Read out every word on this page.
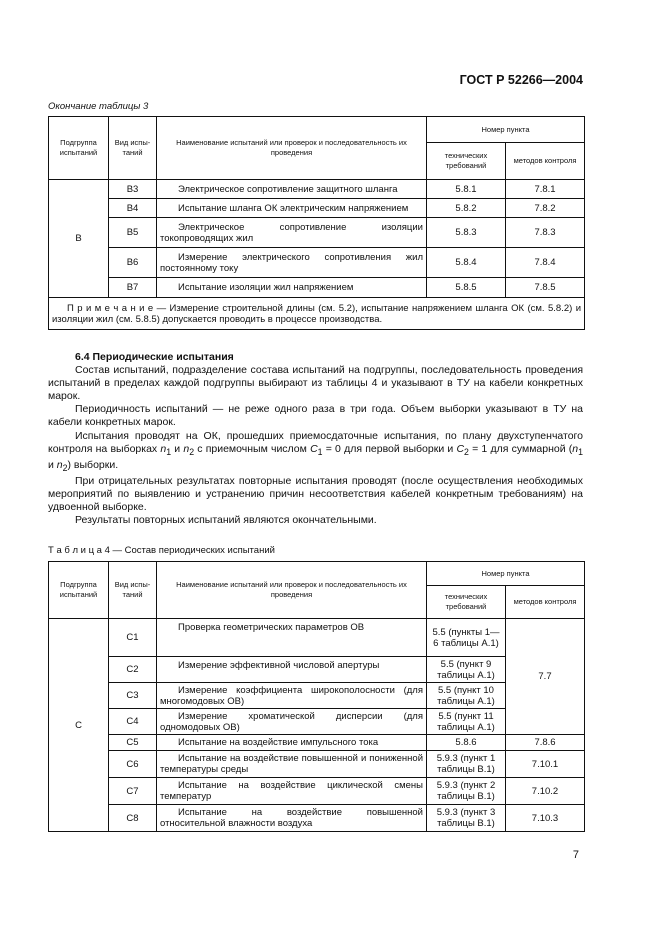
ГОСТ Р 52266—2004
Окончание таблицы 3
Подгруппа испытаний	Вид испы- таний	Наименование испытаний или проверок и последовательность их проведения	Номер пункта	
			технических требований	методов контроля
В	В3	Электрическое сопротивление защитного шланга	5.8.1	7.8.1
	В4	Испытание шланга ОК электрическим напряжением	5.8.2	7.8.2
	В5	Электрическое сопротивление изоляции токопроводящих жил	5.8.3	7.8.3
	В6	Измерение электрического сопротивления жил постоянному току	5.8.4	7.8.4
	В7	Испытание изоляции жил напряжением	5.8.5	7.8.5
П р и м е ч а н и е — Измерение строительной длины (см. 5.2), испытание напряжением шланга ОК (см. 5.8.2) и изоляции жил (см. 5.8.5) допускается проводить в процессе производства.				

6.4 Периодические испытания

Состав испытаний, подразделение состава испытаний на подгруппы, последовательность проведения испытаний в пределах каждой подгруппы выбирают из таблицы 4 и указывают в ТУ на кабели конкретных марок.

Периодичность испытаний — не реже одного раза в три года. Объем выборки указывают в ТУ на кабели конкретных марок.

Испытания проводят на ОК, прошедших приемосдаточные испытания, по плану двухступенчатого контроля на выборках $n_1$ и $n_2$ с приемочным числом $C_1 = 0$ для первой выборки и $C_2 = 1$ для суммарной ($n_1$ и $n_2$) выборки.

При отрицательных результатах повторные испытания проводят (после осуществления необходимых мероприятий по выявлению и устранению причин несоответствия кабелей конкретным требованиям) на удвоенной выборке.

Результаты повторных испытаний являются окончательными.

Т а б л и ц а 4 — Состав периодических испытаний
Подгруппа испытаний	Вид испы- таний	Наименование испытаний или проверок и последовательность их проведения	Номер пункта	
			технических требований	методов контроля
С	С1	Проверка геометрических параметров ОВ	5.5 (пункты 1—6 таблицы А.1)	7.7
	С2	Измерение эффективной числовой апертуры	5.5 (пункт 9 таблицы А.1)	
	С3	Измерение коэффициента широкополосности (для многомодовых ОВ)	5.5 (пункт 10 таблицы А.1)	
	С4	Измерение хроматической дисперсии (для одномодовых ОВ)	5.5 (пункт 11 таблицы А.1)	
	С5	Испытание на воздействие импульсного тока	5.8.6	7.8.6
	С6	Испытание на воздействие повышенной и пониженной температуры среды	5.9.3 (пункт 1 таблицы В.1)	7.10.1
	С7	Испытание на воздействие циклической смены температур	5.9.3 (пункт 2 таблицы В.1)	7.10.2
	С8	Испытание на воздействие повышенной относительной влажности воздуха	5.9.3 (пункт 3 таблицы В.1)	7.10.3
7
